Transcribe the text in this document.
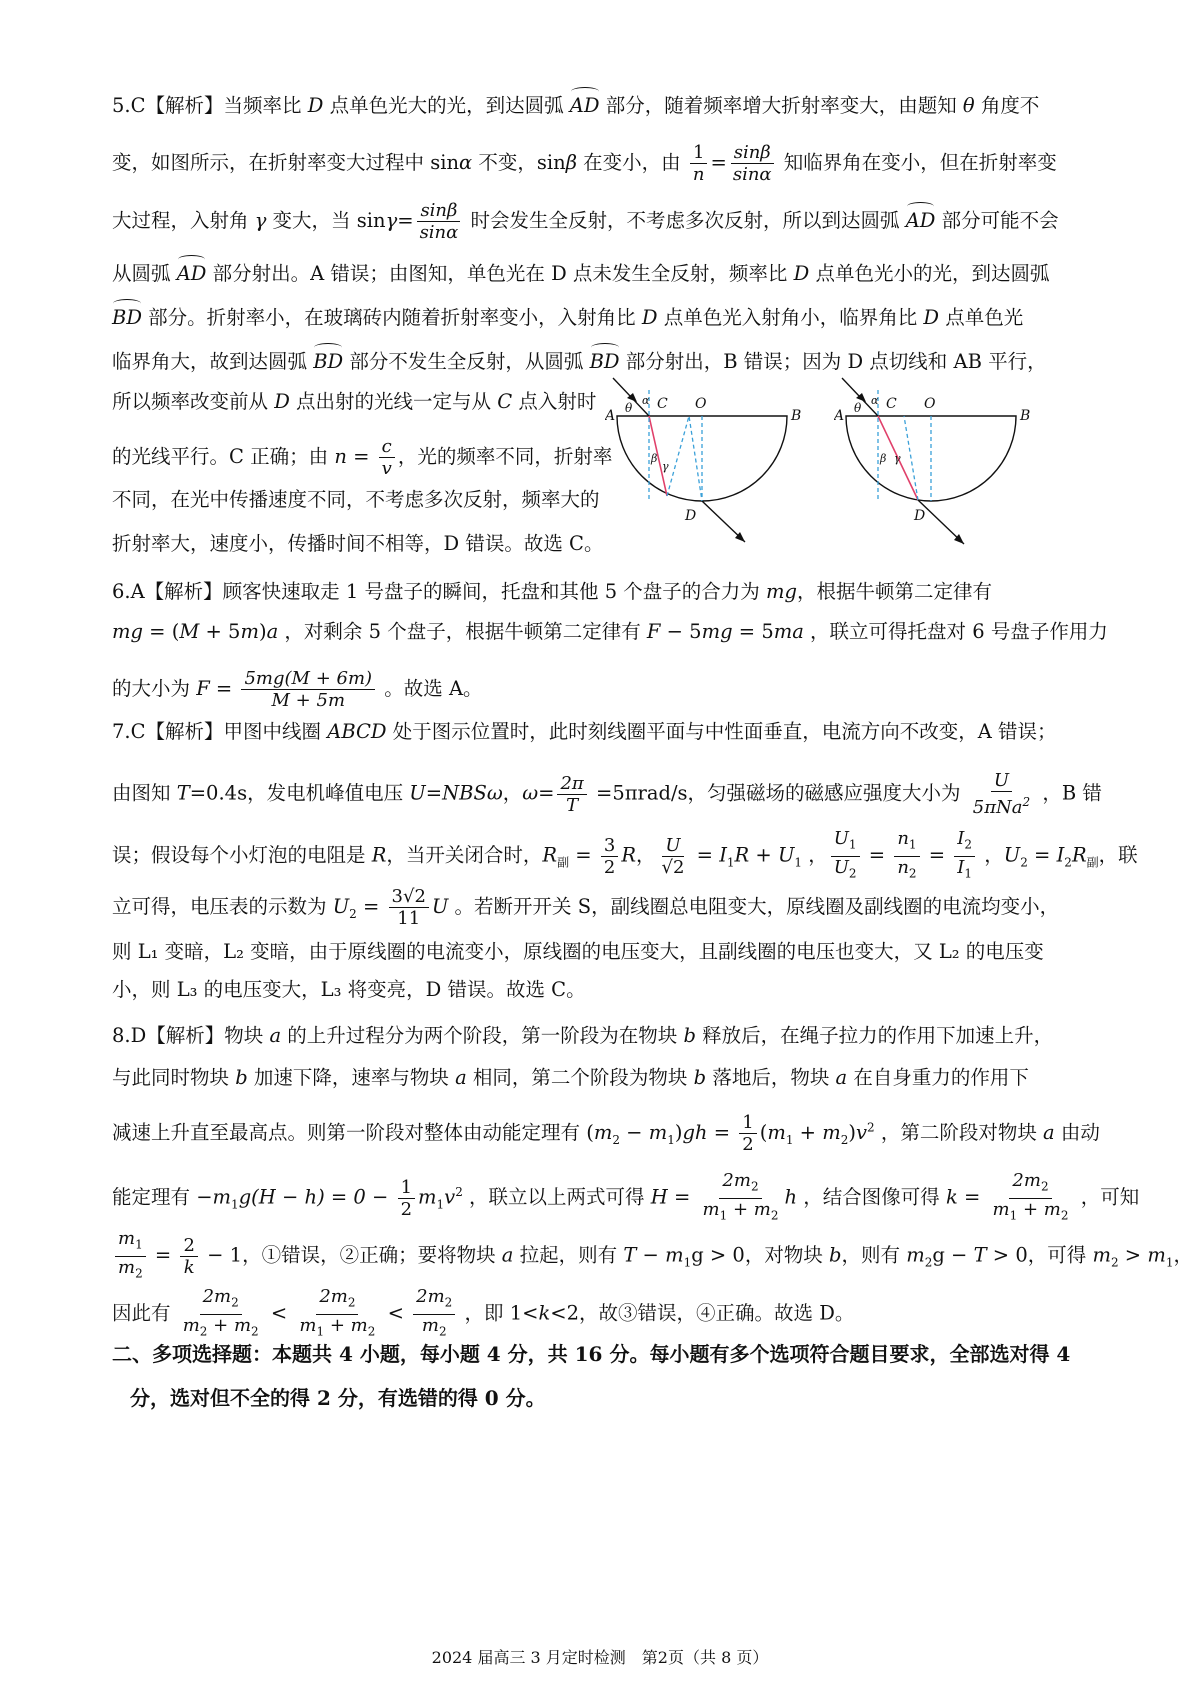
5.C【解析】当频率比 D 点单色光大的光，到达圆弧 AD 部分，随着频率增大折射率变大，由题知 θ 角度不
变，如图所示，在折射率变大过程中 sinα 不变，sinβ 在变小，由 $\frac{1}{n} = \frac{\sin\beta}{\sin\alpha}$ 知临界角在变小，但在折射率变
大过程，入射角 γ 变大，当 $\sin\gamma= \frac{\sin\beta}{\sin\alpha}$ 时会发生全反射，不考虑多次反射，所以到达圆弧 AD 部分可能不会
从圆弧 AD 部分射出。A 错误；由图知，单色光在 D 点未发生全反射，频率比 D 点单色光小的光，到达圆弧
BD 部分。折射率小，在玻璃砖内随着折射率变小，入射角比 D 点单色光入射角小，临界角比 D 点单色光
临界角大，故到达圆弧 BD 部分不发生全反射，从圆弧 BD 部分射出，B 错误；因为 D 点切线和 AB 平行，
所以频率改变前从 D 点出射的光线一定与从 C 点入射时
的光线平行。C 正确；由 $n = \frac{c}{v}$ ，光的频率不同，折射率
不同，在光中传播速度不同，不考虑多次反射，频率大的
折射率大，速度小，传播时间不相等，D 错误。故选 C。
A	B
C O
D
θ
α
β
γ
A	B
C O
D
θ
α
β γ
6.A【解析】顾客快速取走 1 号盘子的瞬间，托盘和其他 5 个盘子的合力为 mg，根据牛顿第二定律有
mg = (M + 5m)a ，对剩余 5 个盘子，根据牛顿第二定律有 F − 5mg = 5ma ，联立可得托盘对 6 号盘子作用力
的大小为 $F = \frac{5mg(M + 6m)}{M + 5m}$ 。故选 A。
7.C【解析】甲图中线圈 ABCD 处于图示位置时，此时刻线圈平面与中性面垂直，电流方向不改变，A 错误；
由图知 T=0.4s，发电机峰值电压 U=NBSω，$\omega= \frac{2\pi}{T} =5\pi rad/s$，匀强磁场的磁感应强度大小为 $\frac{U}{5\pi Na^2}$ ，B 错
误；假设每个小灯泡的电阻是 R，当开关闭合时，$R_副 = \frac{3}{2}$ R， $\frac{U}{√2} = I_1R + U_1$ ， $\frac{U_1}{U_2} = \frac{n_1}{n_2} = \frac{I_2}{I_1}$ ，$U_2 = I_2R_副$，联
立可得，电压表的示数为 $U_2 = \frac{3√2}{11}$ U 。若断开开关 S，副线圈总电阻变大，原线圈及副线圈的电流均变小，
则 L₁ 变暗，L₂ 变暗，由于原线圈的电流变小，原线圈的电压变大，且副线圈的电压也变大，又 L₂ 的电压变
小，则 L₃ 的电压变大，L₃ 将变亮，D 错误。故选 C。
8.D【解析】物块 a 的上升过程分为两个阶段，第一阶段为在物块 b 释放后，在绳子拉力的作用下加速上升，
与此同时物块 b 加速下降，速率与物块 a 相同，第二个阶段为物块 b 落地后，物块 a 在自身重力的作用下
减速上升直至最高点。则第一阶段对整体由动能定理有 $(m_2 - m_1)gh = \frac{1}{2} (m_1 + m_2)v^2$ ，第二阶段对物块 a 由动
能定理有 $-m_1g(H - h) = 0 - \frac{1}{2} m_1v^2$ ，联立以上两式可得 $H = \frac{2m_2}{m_1 + m_2}$ h ，结合图像可得 $k = \frac{2m_2}{m_1 + m_2}$ ，可知
$\frac{m_1}{m_2} = \frac{2}{k} - 1$，①错误，②正确；要将物块 a 拉起，则有 $T - m_1g > 0$，对物块 b，则有 $m_2g - T > 0$，可得 $m_2 > m_1$，
因此有 $\frac{2m_2}{m_2 + m_2} < \frac{2m_2}{m_1 + m_2} < \frac{2m_2}{m_2}$ ，即 1<k<2，故③错误，④正确。故选 D。
二、多项选择题：本题共 4 小题，每小题 4 分，共 16 分。每小题有多个选项符合题目要求，全部选对得 4
分，选对但不全的得 2 分，有选错的得 0 分。
2024 届高三 3 月定时检测　第2页（共 8 页）
